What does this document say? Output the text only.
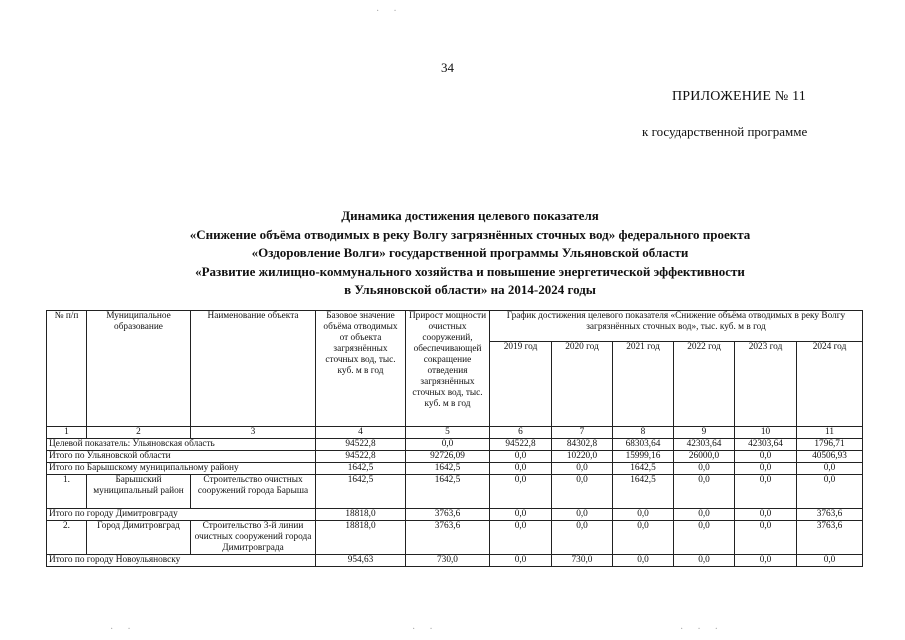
·  ·
34
ПРИЛОЖЕНИЕ № 11
к государственной программе
Динамика достижения целевого показателя
«Снижение объёма отводимых в реку Волгу загрязнённых сточных вод» федерального проекта
«Оздоровление Волги» государственной программы Ульяновской области
«Развитие жилищно-коммунального хозяйства и повышение энергетической эффективности
в Ульяновской области» на 2014-2024 годы
№ п/п	Муниципальное образование	Наименование объекта	Базовое значение объёма отводимых от объекта загрязнённых сточных вод, тыс. куб. м в год	Прирост мощности очистных сооружений, обеспечивающей сокращение отведения загрязнённых сточных вод, тыс. куб. м в год	График достижения целевого показателя «Снижение объёма отводимых в реку Волгу загрязнённых сточных вод», тыс. куб. м в год					
					2019 год	2020 год	2021 год	2022 год	2023 год	2024 год
1	2	3	4	5	6	7	8	9	10	11
Целевой показатель: Ульяновская область			94522,8	0,0	94522,8	84302,8	68303,64	42303,64	42303,64	1796,71
Итого по Ульяновской области			94522,8	92726,09	0,0	10220,0	15999,16	26000,0	0,0	40506,93
Итого по Барышскому муниципальному району			1642,5	1642,5	0,0	0,0	1642,5	0,0	0,0	0,0
1.	Барышский муниципальный район	Строительство очистных сооружений города Барыша	1642,5	1642,5	0,0	0,0	1642,5	0,0	0,0	0,0
Итого по городу Димитровграду			18818,0	3763,6	0,0	0,0	0,0	0,0	0,0	3763,6
2.	Город Димитровград	Строительство 3-й линии очистных сооружений города Димитровграда	18818,0	3763,6	0,0	0,0	0,0	0,0	0,0	3763,6
Итого по городу Новоульяновску			954,63	730,0	0,0	730,0	0,0	0,0	0,0	0,0
·  ·	·  ·	·  ·  ·
